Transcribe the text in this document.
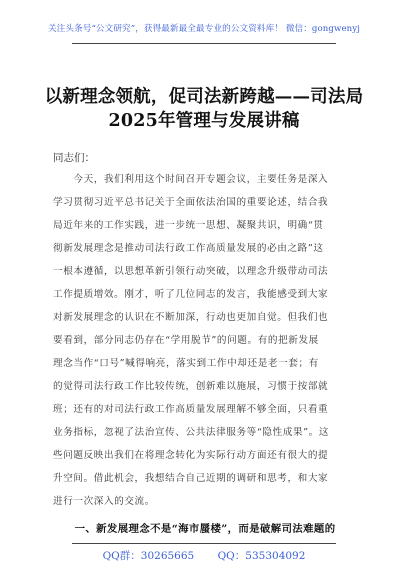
关注头条号“公文研究”，获得最新最全最专业的公文资料库！ 微信：gongwenyj
以新理念领航，促司法新跨越——司法局
2025年管理与发展讲稿
同志们：
　　今天，我们利用这个时间召开专题会议，主要任务是深入
学习贯彻习近平总书记关于全面依法治国的重要论述，结合我
局近年来的工作实践，进一步统一思想、凝聚共识，明确“贯
彻新发展理念是推动司法行政工作高质量发展的必由之路”这
一根本遵循，以思想革新引领行动突破，以理念升级带动司法
工作提质增效。刚才，听了几位同志的发言，我能感受到大家
对新发展理念的认识在不断加深，行动也更加自觉。但我们也
要看到，部分同志仍存在“学用脱节”的问题。有的把新发展
理念当作“口号”喊得响亮，落实到工作中却还是老一套；有
的觉得司法行政工作比较传统，创新难以施展，习惯于按部就
班；还有的对司法行政工作高质量发展理解不够全面，只看重
业务指标，忽视了法治宣传、公共法律服务等“隐性成果”。这
些问题反映出我们在将理念转化为实际行动方面还有很大的提
升空间。借此机会，我想结合自己近期的调研和思考，和大家
进行一次深入的交流。
　　一、新发展理念不是“海市蜃楼”，而是破解司法难题的
QQ群：30265665 QQ：535304092
